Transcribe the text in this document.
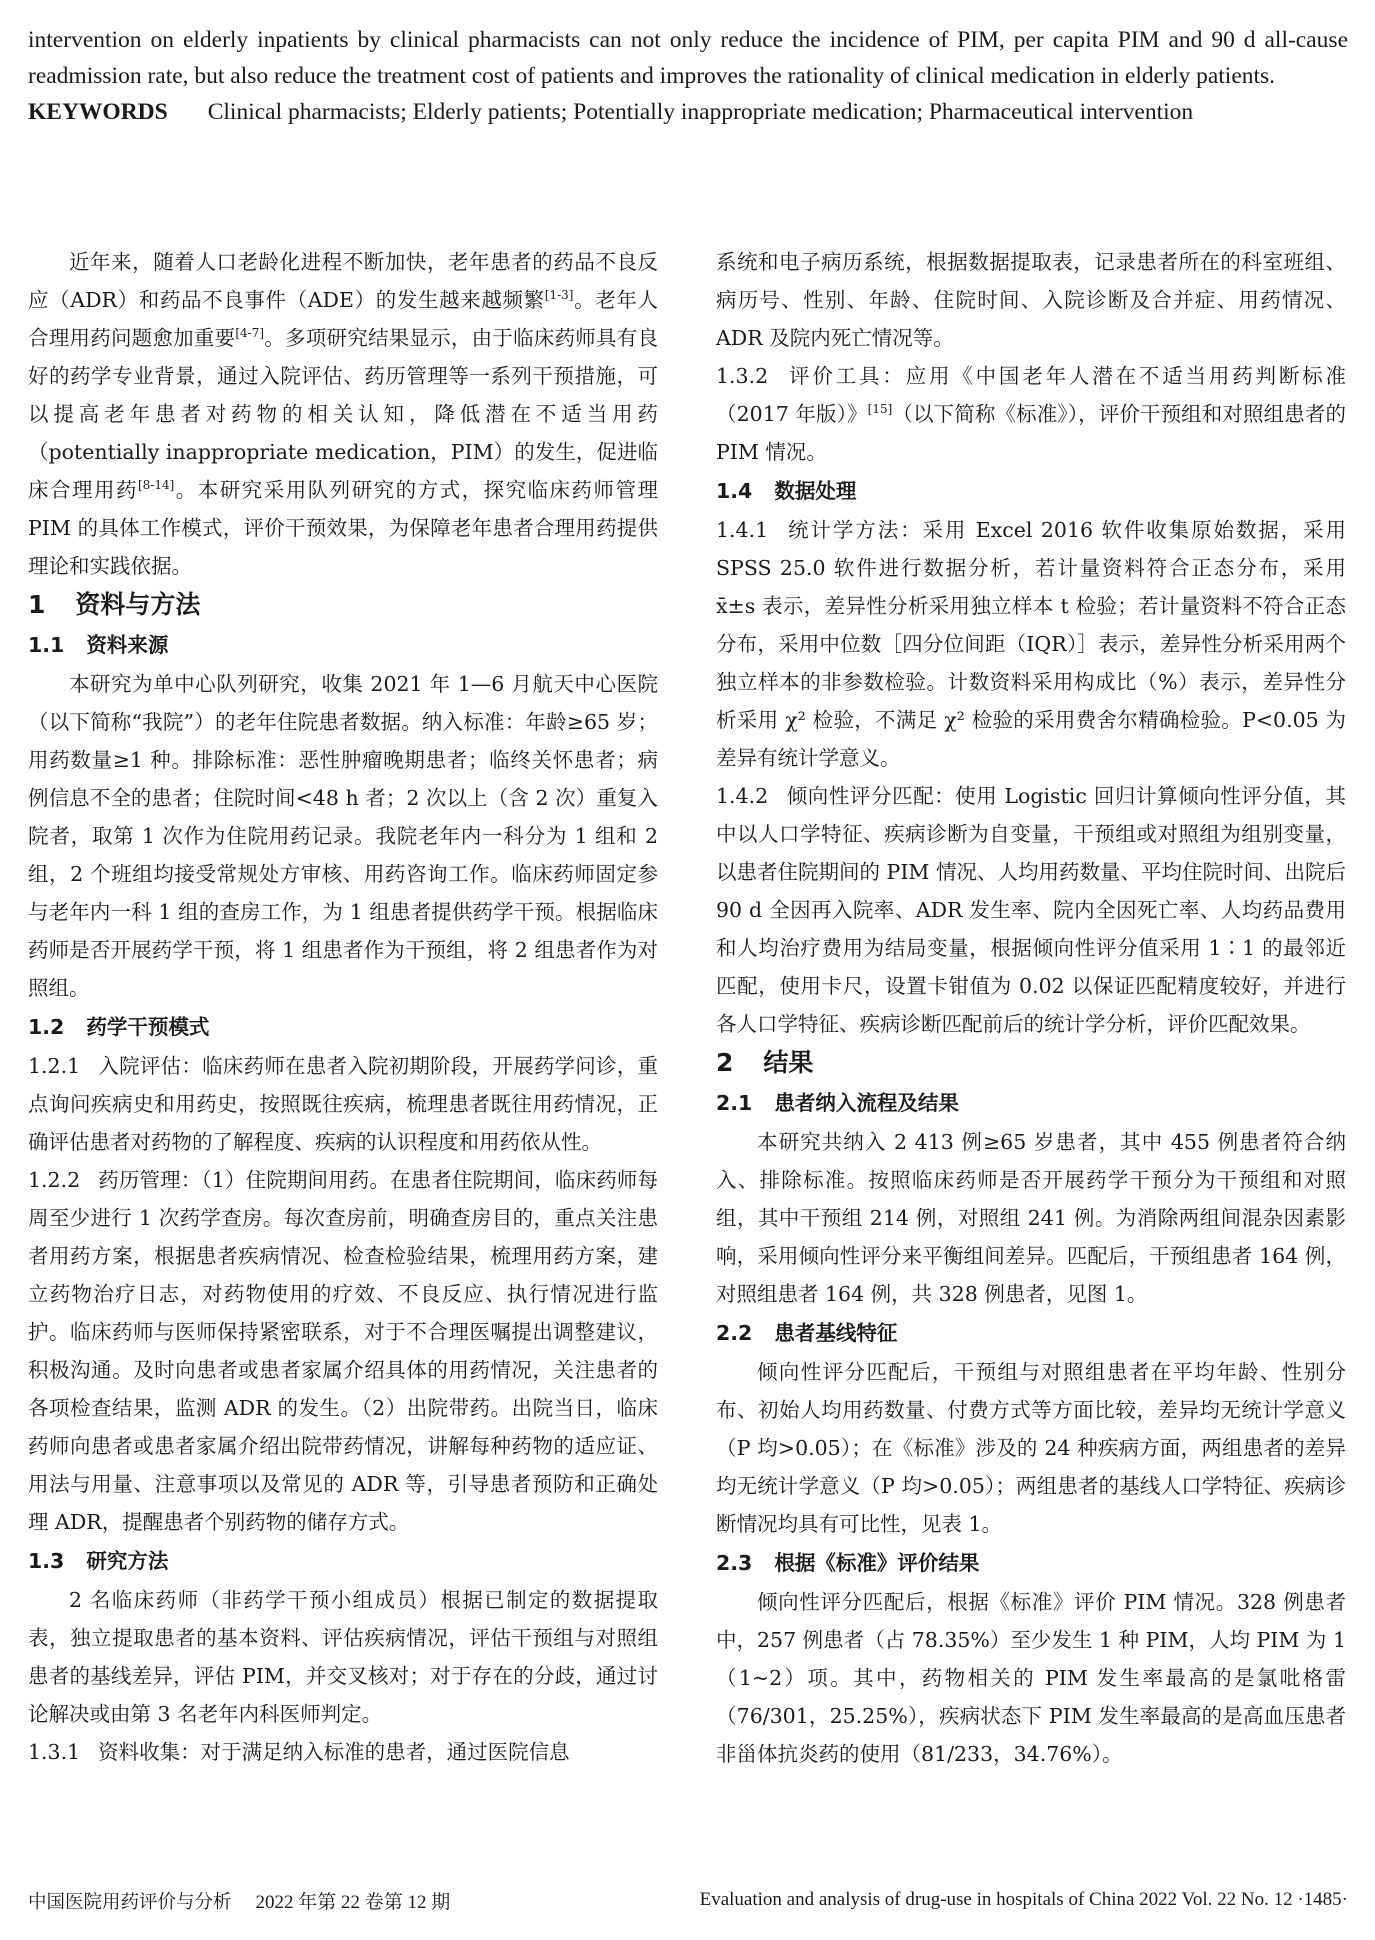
intervention on elderly inpatients by clinical pharmacists can not only reduce the incidence of PIM, per capita PIM and 90 d all-cause readmission rate, but also reduce the treatment cost of patients and improves the rationality of clinical medication in elderly patients.

KEYWORDS Clinical pharmacists; Elderly patients; Potentially inappropriate medication; Pharmaceutical intervention

近年来，随着人口老龄化进程不断加快，老年患者的药品不良反应（ADR）和药品不良事件（ADE）的发生越来越频繁[1-3]。老年人合理用药问题愈加重要[4-7]。多项研究结果显示，由于临床药师具有良好的药学专业背景，通过入院评估、药历管理等一系列干预措施，可以提高老年患者对药物的相关认知，降低潜在不适当用药（potentially inappropriate medication，PIM）的发生，促进临床合理用药[8-14]。本研究采用队列研究的方式，探究临床药师管理 PIM 的具体工作模式，评价干预效果，为保障老年患者合理用药提供理论和实践依据。

1 资料与方法
1.1 资料来源

本研究为单中心队列研究，收集 2021 年 1—6 月航天中心医院（以下简称“我院”）的老年住院患者数据。纳入标准：年龄≥65 岁；用药数量≥1 种。排除标准：恶性肿瘤晚期患者；临终关怀患者；病例信息不全的患者；住院时间<48 h 者；2 次以上（含 2 次）重复入院者，取第 1 次作为住院用药记录。我院老年内一科分为 1 组和 2 组，2 个班组均接受常规处方审核、用药咨询工作。临床药师固定参与老年内一科 1 组的查房工作，为 1 组患者提供药学干预。根据临床药师是否开展药学干预，将 1 组患者作为干预组，将 2 组患者作为对照组。

1.2 药学干预模式

1.2.1 入院评估：临床药师在患者入院初期阶段，开展药学问诊，重点询问疾病史和用药史，按照既往疾病，梳理患者既往用药情况，正确评估患者对药物的了解程度、疾病的认识程度和用药依从性。

1.2.2 药历管理：（1）住院期间用药。在患者住院期间，临床药师每周至少进行 1 次药学查房。每次查房前，明确查房目的，重点关注患者用药方案，根据患者疾病情况、检查检验结果，梳理用药方案，建立药物治疗日志，对药物使用的疗效、不良反应、执行情况进行监护。临床药师与医师保持紧密联系，对于不合理医嘱提出调整建议，积极沟通。及时向患者或患者家属介绍具体的用药情况，关注患者的各项检查结果，监测 ADR 的发生。（2）出院带药。出院当日，临床药师向患者或患者家属介绍出院带药情况，讲解每种药物的适应证、用法与用量、注意事项以及常见的 ADR 等，引导患者预防和正确处理 ADR，提醒患者个别药物的储存方式。

1.3 研究方法

2 名临床药师（非药学干预小组成员）根据已制定的数据提取表，独立提取患者的基本资料、评估疾病情况，评估干预组与对照组患者的基线差异，评估 PIM，并交叉核对；对于存在的分歧，通过讨论解决或由第 3 名老年内科医师判定。

1.3.1 资料收集：对于满足纳入标准的患者，通过医院信息

系统和电子病历系统，根据数据提取表，记录患者所在的科室班组、病历号、性别、年龄、住院时间、入院诊断及合并症、用药情况、ADR 及院内死亡情况等。

1.3.2 评价工具：应用《中国老年人潜在不适当用药判断标准（2017 年版）》[15]（以下简称《标准》），评价干预组和对照组患者的 PIM 情况。

1.4 数据处理

1.4.1 统计学方法：采用 Excel 2016 软件收集原始数据，采用 SPSS 25.0 软件进行数据分析，若计量资料符合正态分布，采用 x̄±s 表示，差异性分析采用独立样本 t 检验；若计量资料不符合正态分布，采用中位数［四分位间距（IQR）］表示，差异性分析采用两个独立样本的非参数检验。计数资料采用构成比（%）表示，差异性分析采用 χ² 检验，不满足 χ² 检验的采用费舍尔精确检验。P<0.05 为差异有统计学意义。

1.4.2 倾向性评分匹配：使用 Logistic 回归计算倾向性评分值，其中以人口学特征、疾病诊断为自变量，干预组或对照组为组别变量，以患者住院期间的 PIM 情况、人均用药数量、平均住院时间、出院后 90 d 全因再入院率、ADR 发生率、院内全因死亡率、人均药品费用和人均治疗费用为结局变量，根据倾向性评分值采用 1∶1 的最邻近匹配，使用卡尺，设置卡钳值为 0.02 以保证匹配精度较好，并进行各人口学特征、疾病诊断匹配前后的统计学分析，评价匹配效果。

2 结果
2.1 患者纳入流程及结果

本研究共纳入 2 413 例≥65 岁患者，其中 455 例患者符合纳入、排除标准。按照临床药师是否开展药学干预分为干预组和对照组，其中干预组 214 例，对照组 241 例。为消除两组间混杂因素影响，采用倾向性评分来平衡组间差异。匹配后，干预组患者 164 例，对照组患者 164 例，共 328 例患者，见图 1。

2.2 患者基线特征

倾向性评分匹配后，干预组与对照组患者在平均年龄、性别分布、初始人均用药数量、付费方式等方面比较，差异均无统计学意义（P 均>0.05）；在《标准》涉及的 24 种疾病方面，两组患者的差异均无统计学意义（P 均>0.05）；两组患者的基线人口学特征、疾病诊断情况均具有可比性，见表 1。

2.3 根据《标准》评价结果

倾向性评分匹配后，根据《标准》评价 PIM 情况。328 例患者中，257 例患者（占 78.35%）至少发生 1 种 PIM，人均 PIM 为 1（1~2）项。其中，药物相关的 PIM 发生率最高的是氯吡格雷（76/301，25.25%），疾病状态下 PIM 发生率最高的是高血压患者非甾体抗炎药的使用（81/233，34.76%）。

中国医院用药评价与分析 2022 年第 22 卷第 12 期	Evaluation and analysis of drug-use in hospitals of China 2022 Vol. 22 No. 12 ·1485·
